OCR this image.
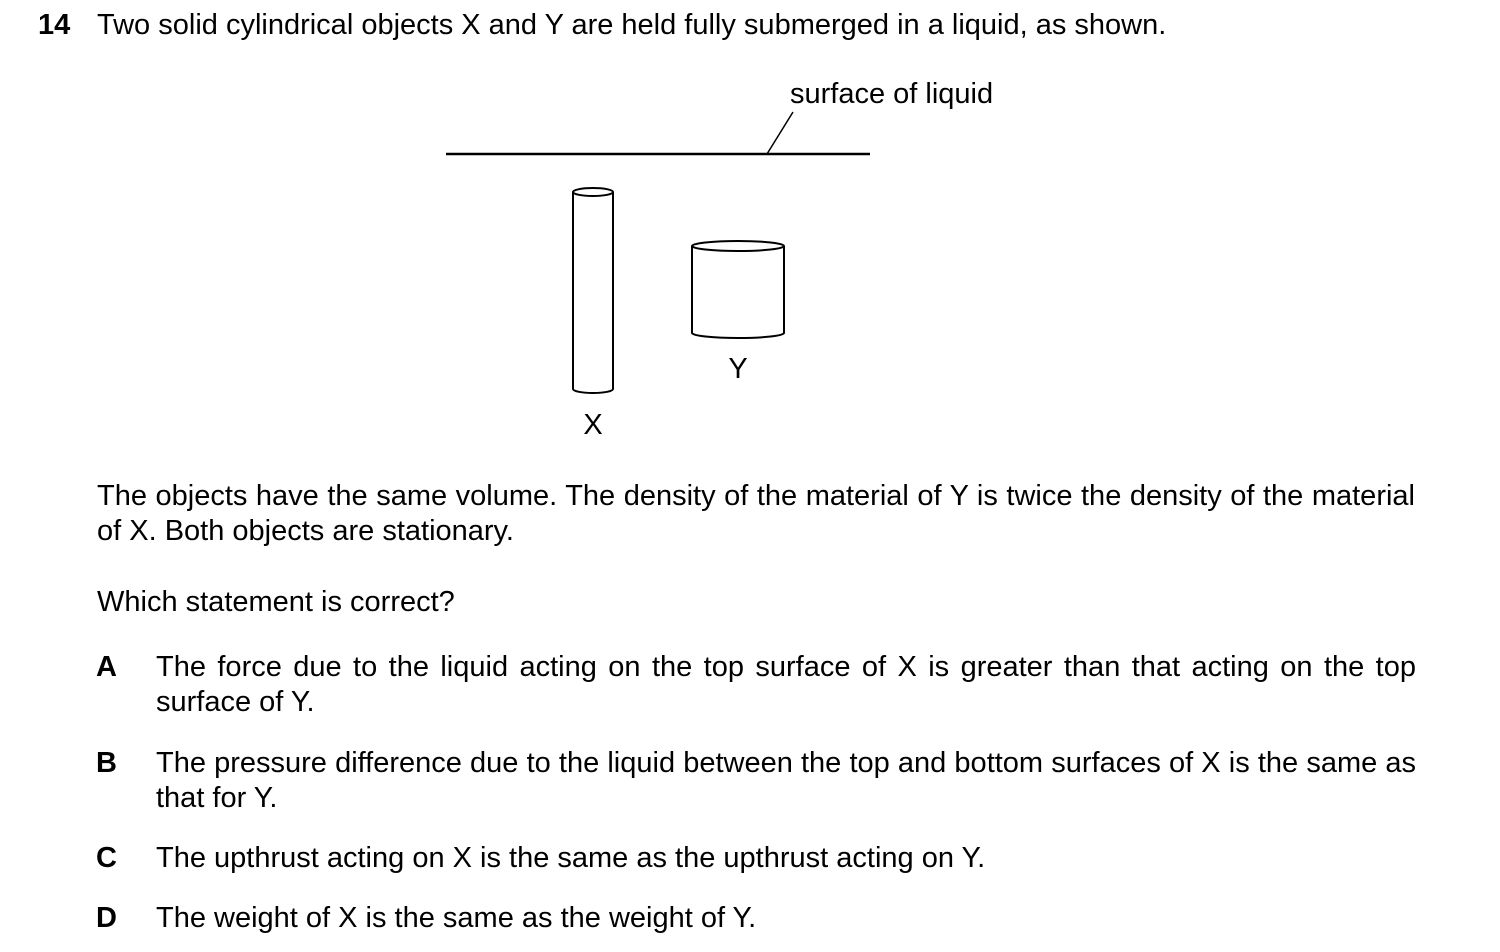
14 Two solid cylindrical objects X and Y are held fully submerged in a liquid, as shown.
surface of liquid
X
Y

The objects have the same volume. The density of the material of Y is twice the density of the material of X. Both objects are stationary.

Which statement is correct?

A The force due to the liquid acting on the top surface of X is greater than that acting on the top surface of Y.
B The pressure difference due to the liquid between the top and bottom surfaces of X is the same as that for Y.
C The upthrust acting on X is the same as the upthrust acting on Y.
D The weight of X is the same as the weight of Y.
